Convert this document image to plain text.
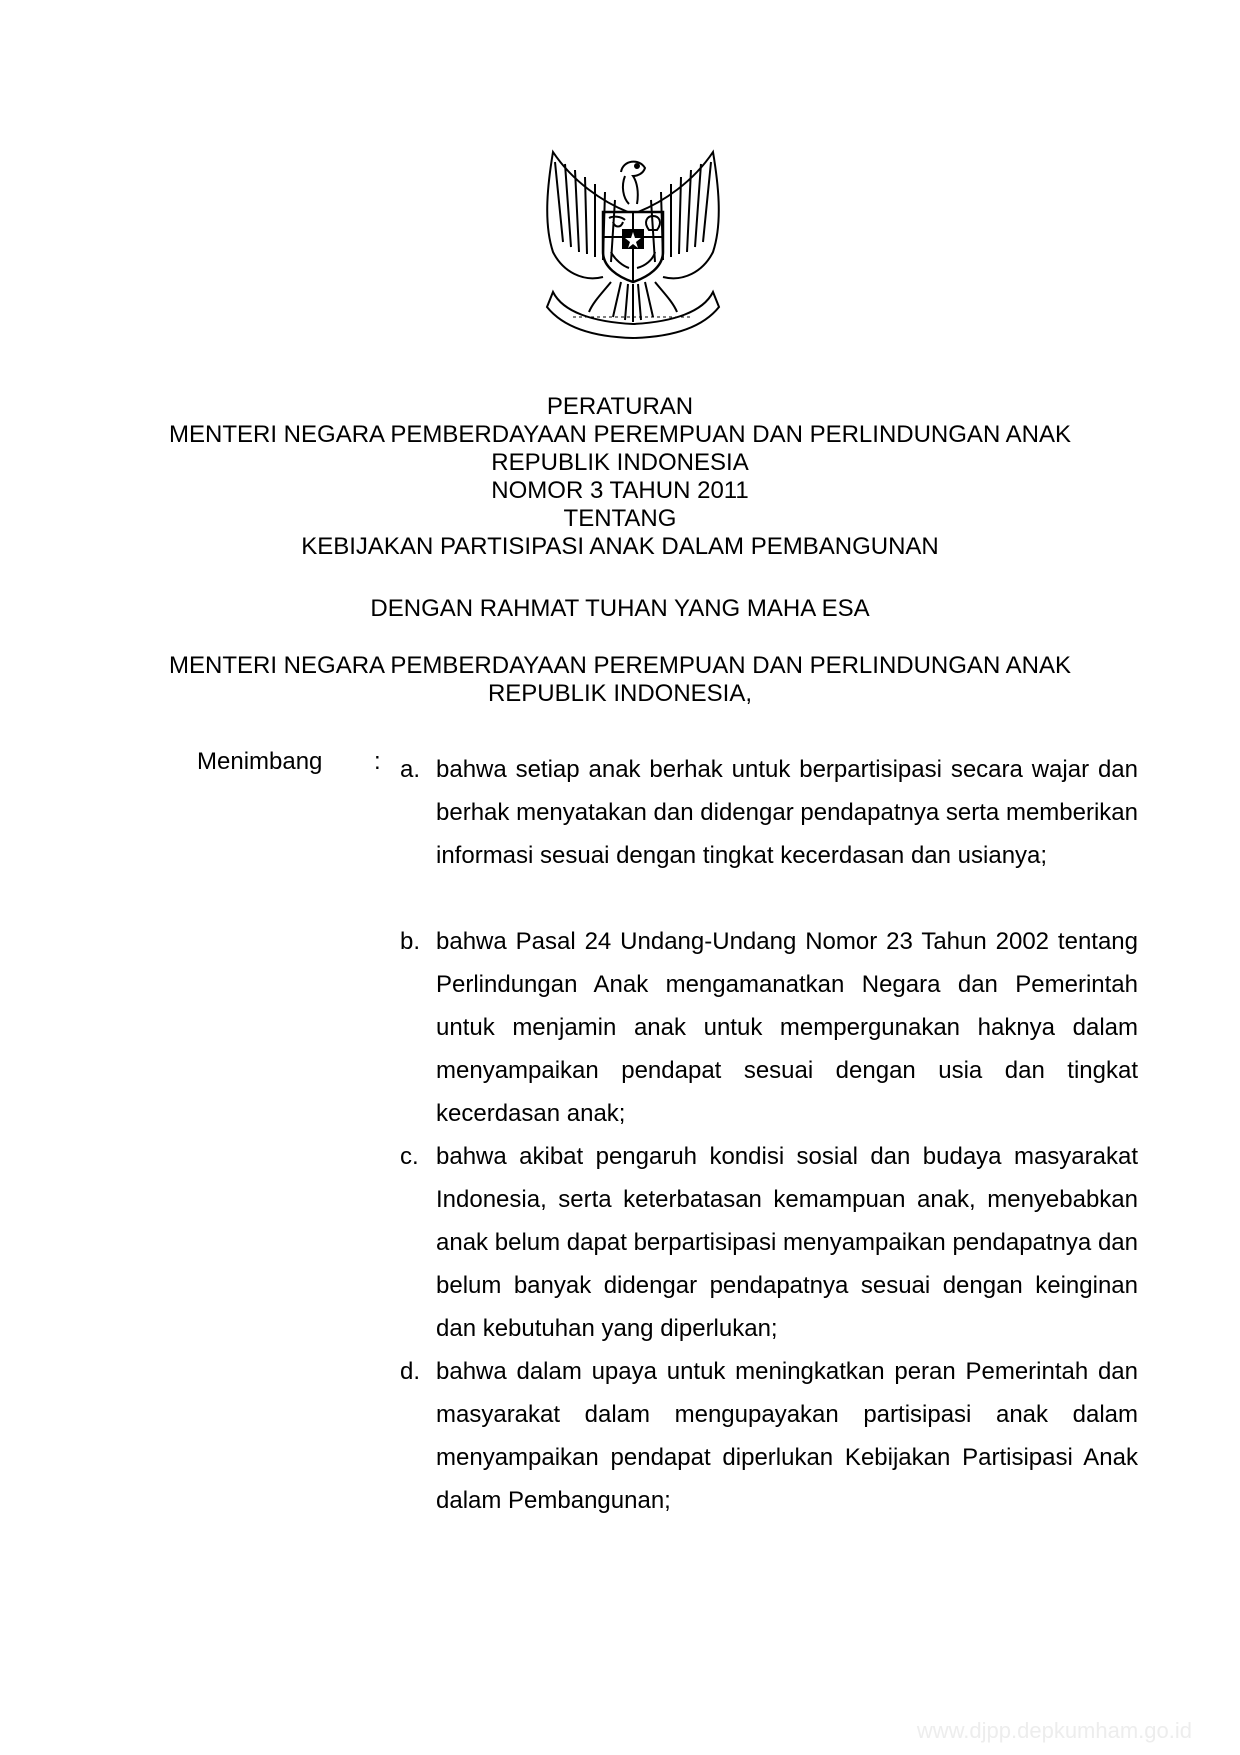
PERATURAN
MENTERI NEGARA PEMBERDAYAAN PEREMPUAN DAN PERLINDUNGAN ANAK
REPUBLIK INDONESIA
NOMOR 3 TAHUN 2011
TENTANG
KEBIJAKAN PARTISIPASI ANAK DALAM PEMBANGUNAN
DENGAN RAHMAT TUHAN YANG MAHA ESA
MENTERI NEGARA PEMBERDAYAAN PEREMPUAN DAN PERLINDUNGAN ANAK
REPUBLIK INDONESIA,
Menimbang : a. bahwa setiap anak berhak untuk berpartisipasi secara wajar dan berhak menyatakan dan didengar pendapatnya serta memberikan informasi sesuai dengan tingkat kecerdasan dan usianya;
b. bahwa Pasal 24 Undang-Undang Nomor 23 Tahun 2002 tentang Perlindungan Anak mengamanatkan Negara dan Pemerintah untuk menjamin anak untuk mempergunakan haknya dalam menyampaikan pendapat sesuai dengan usia dan tingkat kecerdasan anak;
c. bahwa akibat pengaruh kondisi sosial dan budaya masyarakat Indonesia, serta keterbatasan kemampuan anak, menyebabkan anak belum dapat berpartisipasi menyampaikan pendapatnya dan belum banyak didengar pendapatnya sesuai dengan keinginan dan kebutuhan yang diperlukan;
d. bahwa dalam upaya untuk meningkatkan peran Pemerintah dan masyarakat dalam mengupayakan partisipasi anak dalam menyampaikan pendapat diperlukan Kebijakan Partisipasi Anak dalam Pembangunan;
www.djpp.depkumham.go.id
